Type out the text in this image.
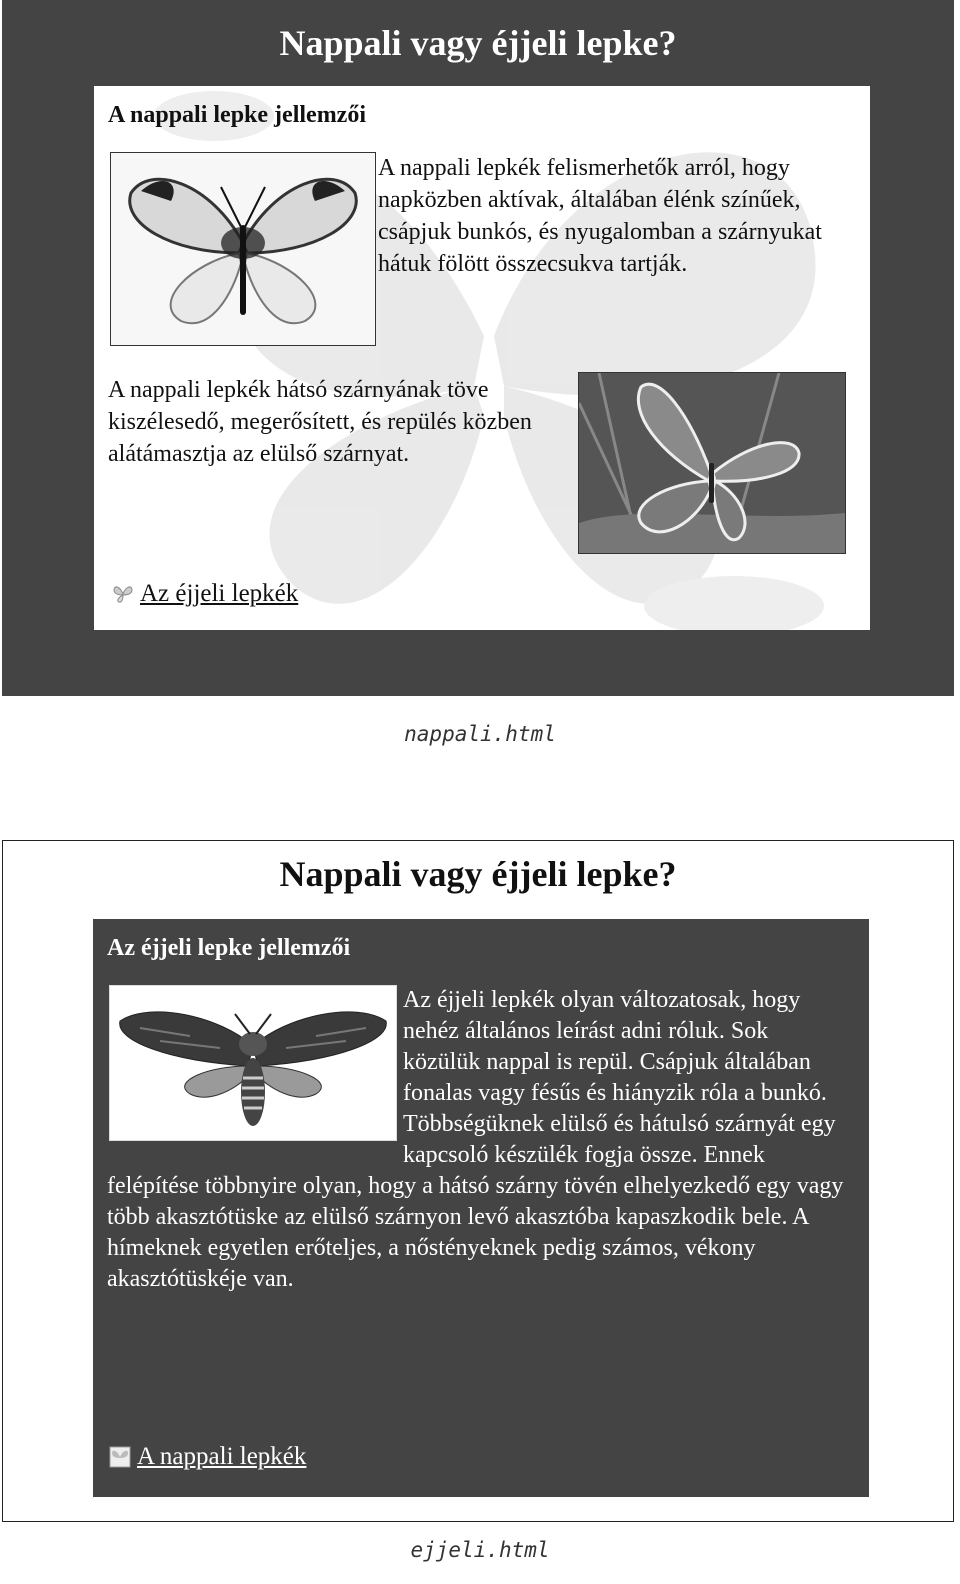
Nappali vagy éjjeli lepke?
A nappali lepke jellemzői

A nappali lepkék felismerhetők arról, hogy napközben aktívak, általában élénk színűek, csápjuk bunkós, és nyugalomban a szárnyukat hátuk fölött összecsukva tartják.

A nappali lepkék hátsó szárnyának töve kiszélesedő, megerősített, és repülés közben alátámasztja az elülső szárnyat.

Az éjjeli lepkék

nappali.html

Nappali vagy éjjeli lepke?
Az éjjeli lepke jellemzői

Az éjjeli lepkék olyan változatosak, hogy nehéz általános leírást adni róluk. Sok közülük nappal is repül. Csápjuk általában fonalas vagy fésűs és hiányzik róla a bunkó. Többségüknek elülső és hátulsó szárnyát egy kapcsoló készülék fogja össze. Ennek felépítése többnyire olyan, hogy a hátsó szárny tövén elhelyezkedő egy vagy több akasztótüske az elülső szárnyon levő akasztóba kapaszkodik bele. A hímeknek egyetlen erőteljes, a nőstényeknek pedig számos, vékony akasztótüskéje van.

A nappali lepkék

ejjeli.html
